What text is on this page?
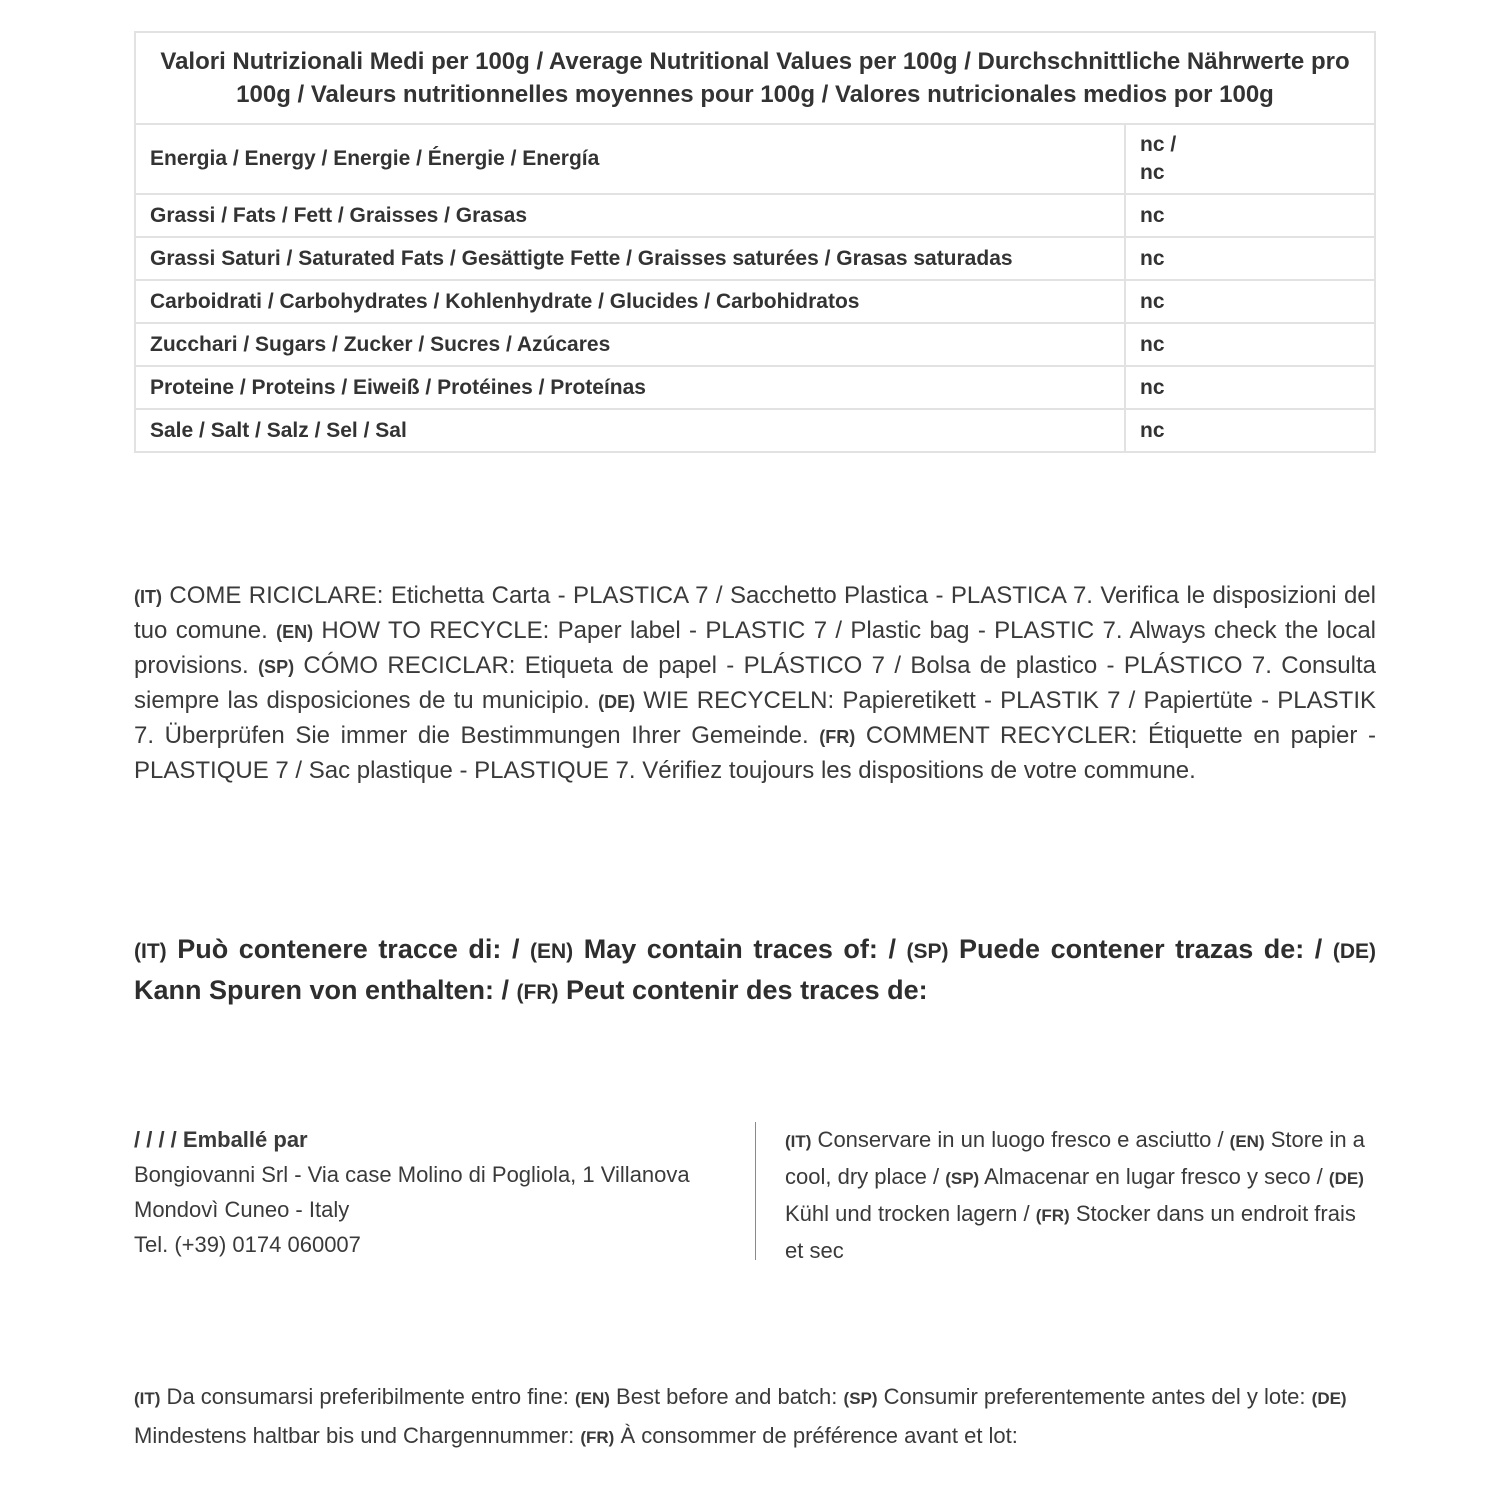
Valori Nutrizionali Medi per 100g / Average Nutritional Values per 100g / Durchschnittliche Nährwerte pro 100g / Valeurs nutritionnelles moyennes pour 100g / Valores nutricionales medios por 100g	
Energia / Energy / Energie / Énergie / Energía	nc /
nc
Grassi / Fats / Fett / Graisses / Grasas	nc
Grassi Saturi / Saturated Fats / Gesättigte Fette / Graisses saturées / Grasas saturadas	nc
Carboidrati / Carbohydrates / Kohlenhydrate / Glucides / Carbohidratos	nc
Zucchari / Sugars / Zucker / Sucres / Azúcares	nc
Proteine / Proteins / Eiweiß / Protéines / Proteínas	nc
Sale / Salt / Salz / Sel / Sal	nc
(IT) COME RICICLARE: Etichetta Carta - PLASTICA 7 / Sacchetto Plastica - PLASTICA 7. Verifica le disposizioni del tuo comune. (EN) HOW TO RECYCLE: Paper label - PLASTIC 7 / Plastic bag - PLASTIC 7. Always check the local provisions. (SP) CÓMO RECICLAR: Etiqueta de papel - PLÁSTICO 7 / Bolsa de plastico - PLÁSTICO 7. Consulta siempre las disposiciones de tu municipio. (DE) WIE RECYCELN: Papieretikett - PLASTIK 7 / Papiertüte - PLASTIK 7. Überprüfen Sie immer die Bestimmungen Ihrer Gemeinde. (FR) COMMENT RECYCLER: Étiquette en papier - PLASTIQUE 7 / Sac plastique - PLASTIQUE 7. Vérifiez toujours les dispositions de votre commune.
(IT) Può contenere tracce di: / (EN) May contain traces of: / (SP) Puede contener trazas de: / (DE) Kann Spuren von enthalten: / (FR) Peut contenir des traces de:
/ / / / Emballé par
Bongiovanni Srl - Via case Molino di Pogliola, 1 Villanova
Mondovì Cuneo - Italy
Tel. (+39) 0174 060007
(IT) Conservare in un luogo fresco e asciutto / (EN) Store in a cool, dry place / (SP) Almacenar en lugar fresco y seco / (DE) Kühl und trocken lagern / (FR) Stocker dans un endroit frais et sec
(IT) Da consumarsi preferibilmente entro fine: (EN) Best before and batch: (SP) Consumir preferentemente antes del y lote: (DE) Mindestens haltbar bis und Chargennummer: (FR) À consommer de préférence avant et lot:
